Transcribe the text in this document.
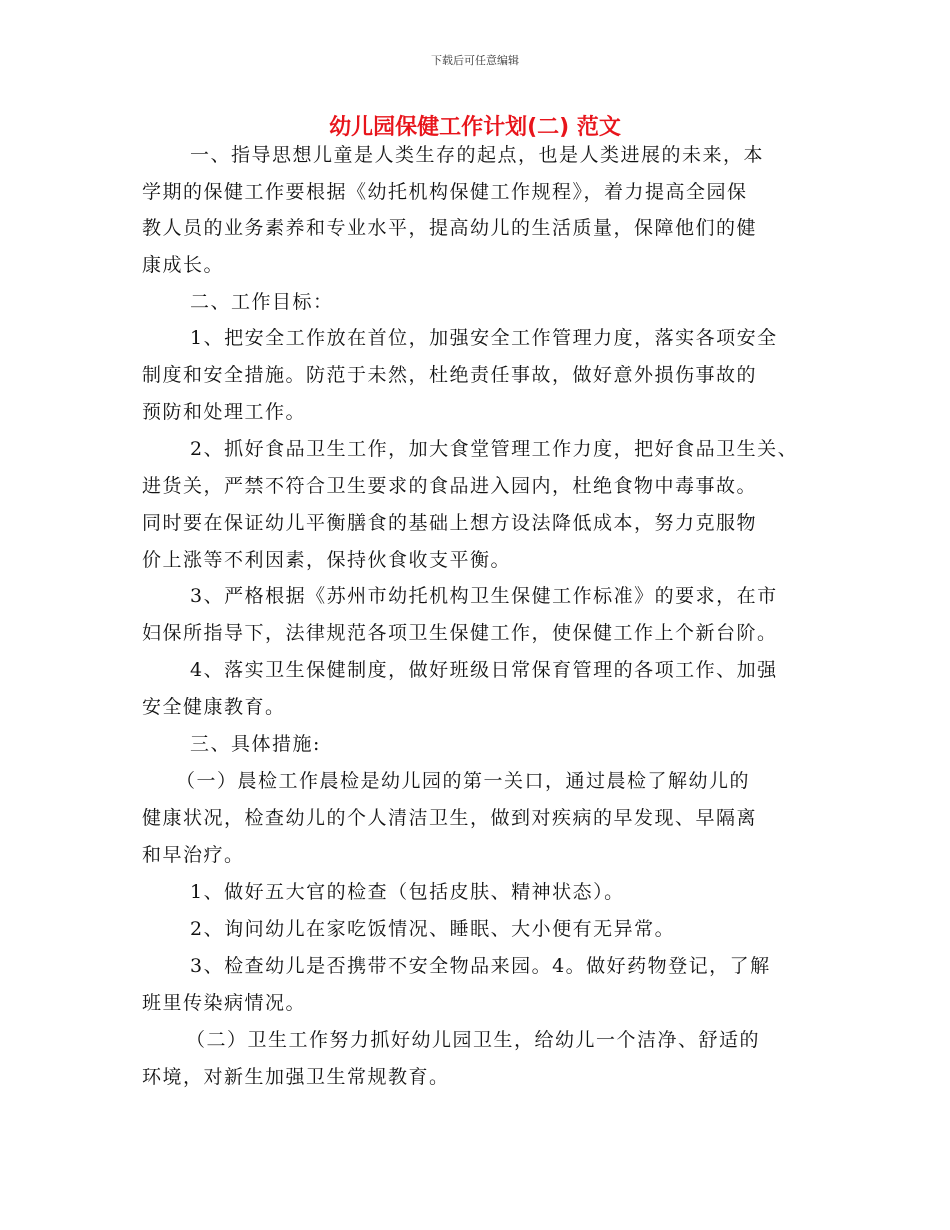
下载后可任意编辑
幼儿园保健工作计划(二) 范文
一、指导思想儿童是人类生存的起点，也是人类进展的未来，本
学期的保健工作要根据《幼托机构保健工作规程》，着力提高全园保
教人员的业务素养和专业水平，提高幼儿的生活质量，保障他们的健
康成长。
二、工作目标：
1、把安全工作放在首位，加强安全工作管理力度，落实各项安全
制度和安全措施。防范于未然，杜绝责任事故，做好意外损伤事故的
预防和处理工作。
2、抓好食品卫生工作，加大食堂管理工作力度，把好食品卫生关、
进货关，严禁不符合卫生要求的食品进入园内，杜绝食物中毒事故。
同时要在保证幼儿平衡膳食的基础上想方设法降低成本，努力克服物
价上涨等不利因素，保持伙食收支平衡。
3、严格根据《苏州市幼托机构卫生保健工作标准》的要求，在市
妇保所指导下，法律规范各项卫生保健工作，使保健工作上个新台阶。
4、落实卫生保健制度，做好班级日常保育管理的各项工作、加强
安全健康教育。
三、具体措施:
（一）晨检工作晨检是幼儿园的第一关口，通过晨检了解幼儿的
健康状况，检查幼儿的个人清洁卫生，做到对疾病的早发现、早隔离
和早治疗。
1、做好五大官的检查（包括皮肤、精神状态）。
2、询问幼儿在家吃饭情况、睡眠、大小便有无异常。
3、检查幼儿是否携带不安全物品来园。4。做好药物登记，了解
班里传染病情况。
（二）卫生工作努力抓好幼儿园卫生，给幼儿一个洁净、舒适的
环境，对新生加强卫生常规教育。
